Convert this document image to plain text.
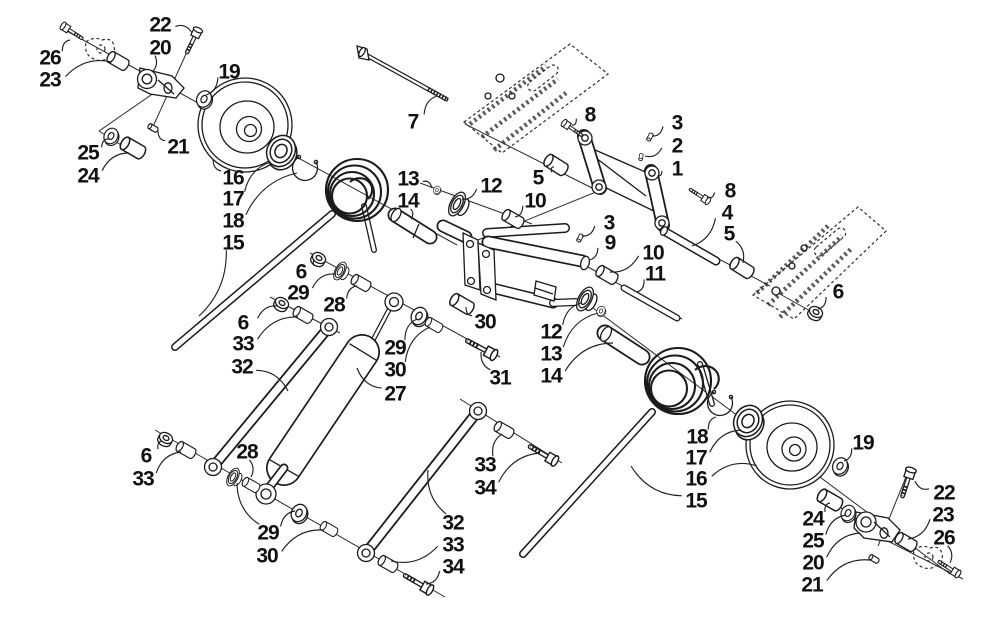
26
23
22
20
19
21
25
24	16
17
18
15
7	8
5
13
14
12
10
3
2
1
8
4
5
6
3
9 10
11
12
13
14
30
31
29
30
27
6
29
28
6
33
32
6
33
28
29
30
33
34
32
33
34
18
17
16
15
19
22
23
26
24
25
20
21
